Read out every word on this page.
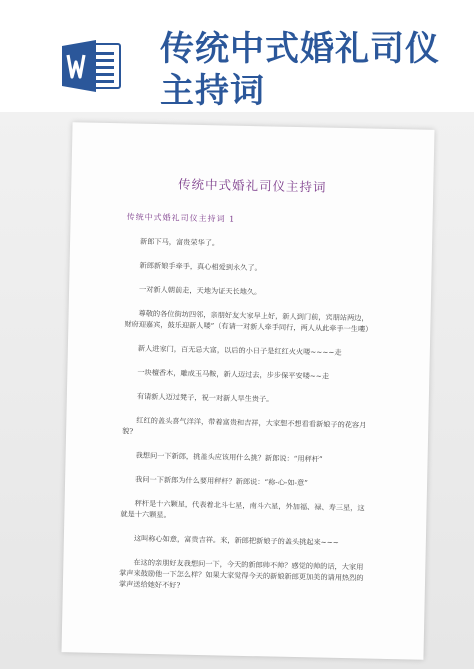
传统中式婚礼司仪主持词
传统中式婚礼司仪主持词
传统中式婚礼司仪主持词 1

新郎下马，富贵荣华了。

新郎新娘手牵手，真心相爱到永久了。

一对新人朝前走，天地为证天长地久。

尊敬的各位街坊四邻，亲朋好友大家早上好，新人到门前，宾朋站两边，财府迎嘉宾，鼓乐迎新人喽”（有请一对新人牵手同行，两人从此牵手一生嘍）

新人进家门，百无忌大富，以后的小日子是红红火火喽~~~~走

一块檀香木，雕成玉马鞍，新人迈过去，步步保平安喽~~走

有请新人迈过凳子，祝一对新人早生贵子。

红红的盖头喜气洋洋，带着富贵和吉祥，大家想不想看看新娘子的花容月貌?

我想问一下新郎，挑盖头应该用什么挑？新郎说：“用秤杆”

我问一下新郎为什么要用秤杆？新郎说：“称-心-如-意”

秤杆是十六颗星，代表着北斗七星，南斗六星，外加福、禄、寿三星，这就是十六颗星。

这叫称心如意，富贵吉祥。来，新郎把新娘子的盖头挑起来~~~

在这的亲朋好友我想问一下，今天的新郎帅不帅？感觉的帅的话，大家用掌声来鼓励他一下怎么样？如果大家觉得今天的新娘新郎更加美的请用热烈的掌声送给她好不好?
